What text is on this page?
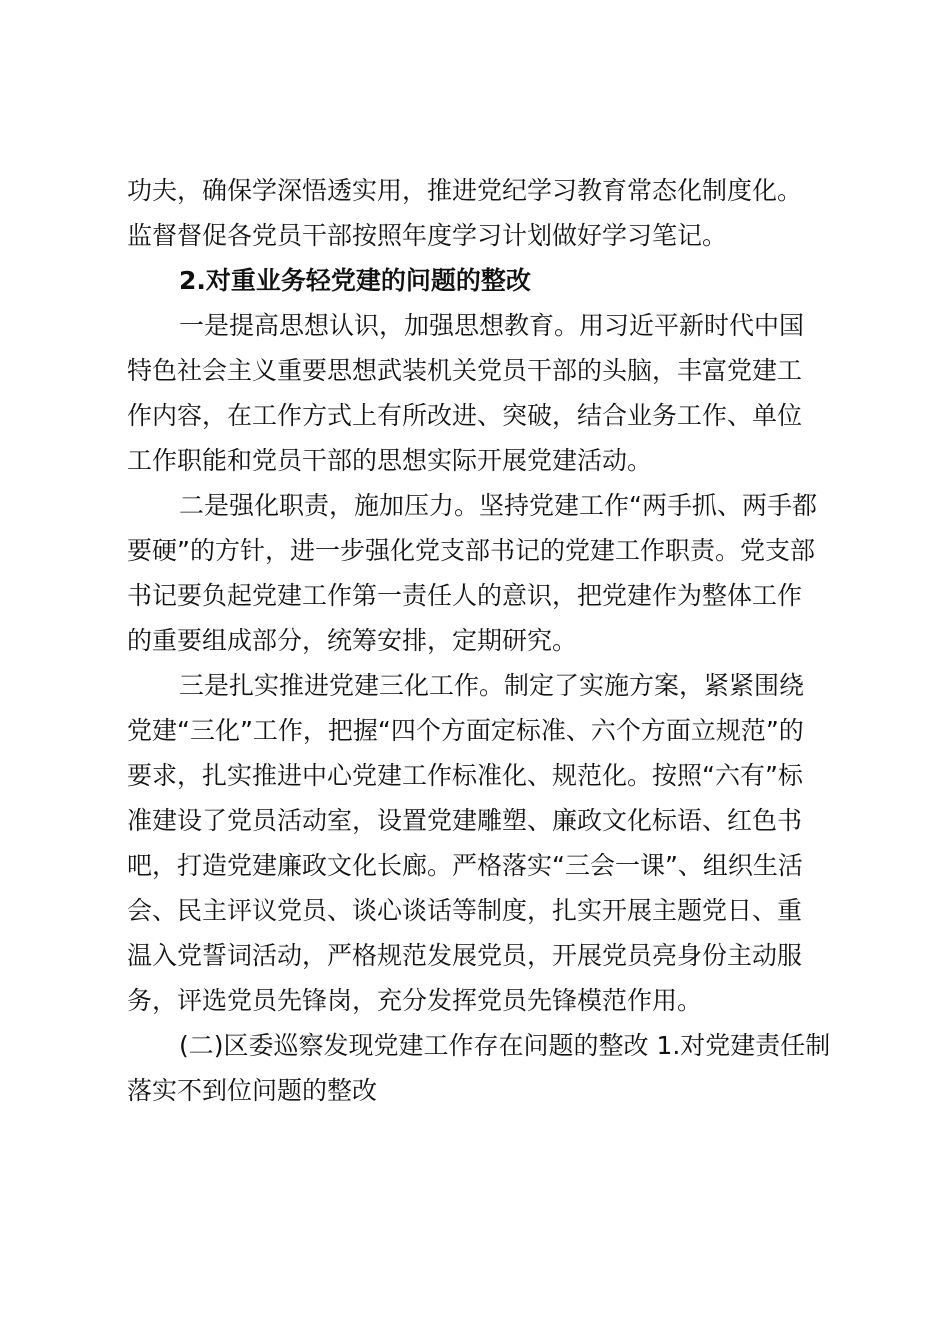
功夫，确保学深悟透实用，推进党纪学习教育常态化制度化。
监督督促各党员干部按照年度学习计划做好学习笔记。
2.对重业务轻党建的问题的整改
一是提高思想认识，加强思想教育。用习近平新时代中国
特色社会主义重要思想武装机关党员干部的头脑，丰富党建工
作内容，在工作方式上有所改进、突破，结合业务工作、单位
工作职能和党员干部的思想实际开展党建活动。
二是强化职责，施加压力。坚持党建工作“两手抓、两手都
要硬”的方针，进一步强化党支部书记的党建工作职责。党支部
书记要负起党建工作第一责任人的意识，把党建作为整体工作
的重要组成部分，统筹安排，定期研究。
三是扎实推进党建三化工作。制定了实施方案，紧紧围绕
党建“三化”工作，把握“四个方面定标准、六个方面立规范”的
要求，扎实推进中心党建工作标准化、规范化。按照“六有”标
准建设了党员活动室，设置党建雕塑、廉政文化标语、红色书
吧，打造党建廉政文化长廊。严格落实“三会一课”、组织生活
会、民主评议党员、谈心谈话等制度，扎实开展主题党日、重
温入党誓词活动，严格规范发展党员，开展党员亮身份主动服
务，评选党员先锋岗，充分发挥党员先锋模范作用。
(二)区委巡察发现党建工作存在问题的整改 1.对党建责任制
落实不到位问题的整改
